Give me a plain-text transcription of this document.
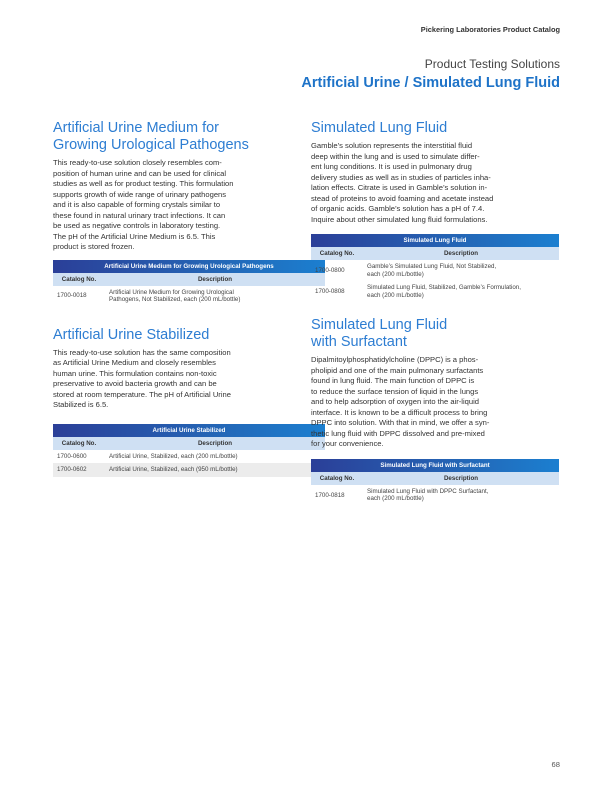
Pickering Laboratories Product Catalog
Product Testing Solutions
Artificial Urine / Simulated Lung Fluid
Artificial Urine Medium for
Growing Urological Pathogens
This ready-to-use solution closely resembles com-
position of human urine and can be used for clinical
studies as well as for product testing. This formulation
supports growth of wide range of urinary pathogens
and it is also capable of forming crystals similar to
these found in natural urinary tract infections. It can
be used as negative controls in laboratory testing.
The pH of the Artificial Urine Medium is 6.5. This
product is stored frozen.
Artificial Urine Medium for Growing Urological Pathogens	
Catalog No.	Description
1700-0018	Artificial Urine Medium for Growing Urological
Pathogens, Not Stabilized, each (200 mL/bottle)
Artificial Urine Stabilized
This ready-to-use solution has the same composition
as Artificial Urine Medium and closely resembles
human urine. This formulation contains non-toxic
preservative to avoid bacteria growth and can be
stored at room temperature. The pH of Artificial Urine
Stabilized is 6.5.
Artificial Urine Stabilized	
Catalog No.	Description
1700-0600	Artificial Urine, Stabilized, each (200 mL/bottle)
1700-0602	Artificial Urine, Stabilized, each (950 mL/bottle)
Simulated Lung Fluid
Gamble’s solution represents the interstitial fluid
deep within the lung and is used to simulate differ-
ent lung conditions. It is used in pulmonary drug
delivery studies as well as in studies of particles inha-
lation effects. Citrate is used in Gamble’s solution in-
stead of proteins to avoid foaming and acetate instead
of organic acids. Gamble’s solution has a pH of 7.4.
Inquire about other simulated lung fluid formulations.
Simulated Lung Fluid	
Catalog No.	Description
1700-0800	Gamble’s Simulated Lung Fluid, Not Stabilized,
each (200 mL/bottle)

1700-0808	Simulated Lung Fluid, Stabilized, Gamble’s Formulation,
each (200 mL/bottle)
Simulated Lung Fluid
with Surfactant
Dipalmitoylphosphatidylcholine (DPPC) is a phos-
pholipid and one of the main pulmonary surfactants
found in lung fluid. The main function of DPPC is
to reduce the surface tension of liquid in the lungs
and to help adsorption of oxygen into the air-liquid
interface. It is known to be a difficult process to bring
DPPC into solution. With that in mind, we offer a syn-
thetic lung fluid with DPPC dissolved and pre-mixed
for your convenience.
Simulated Lung Fluid with Surfactant	
Catalog No.	Description
1700-0818	Simulated Lung Fluid with DPPC Surfactant,
each (200 mL/bottle)
68
